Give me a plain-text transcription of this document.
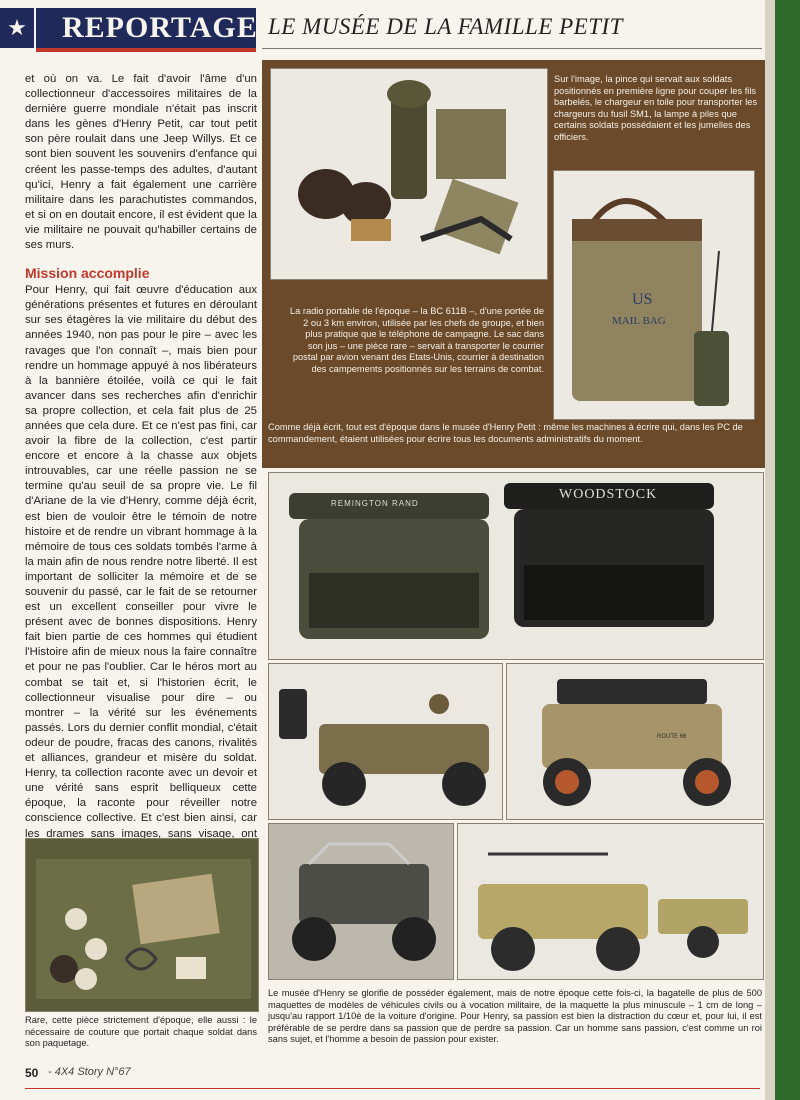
★ REPORTAGE LE MUSÉE DE LA FAMILLE PETIT

et où on va. Le fait d'avoir l'âme d'un collectionneur d'accessoires militaires de la dernière guerre mondiale n'était pas inscrit dans les gènes d'Henry Petit, car tout petit son père roulait dans une Jeep Willys. Et ce sont bien souvent les souvenirs d'enfance qui créent les passe-temps des adultes, d'autant qu'ici, Henry a fait également une carrière militaire dans les parachutistes commandos, et si on en doutait encore, il est évident que la vie militaire ne pouvait qu'habiller certains de ses murs.

Mission accomplie

Pour Henry, qui fait œuvre d'éducation aux générations présentes et futures en déroulant sur ses étagères la vie militaire du début des années 1940, non pas pour le pire – avec les ravages que l'on connaît –, mais bien pour rendre un hommage appuyé à nos libérateurs à la bannière étoilée, voilà ce qui le fait avancer dans ses recherches afin d'enrichir sa propre collection, et cela fait plus de 25 années que cela dure. Et ce n'est pas fini, car avoir la fibre de la collection, c'est partir encore et encore à la chasse aux objets introuvables, car une réelle passion ne se termine qu'au seuil de sa propre vie. Le fil d'Ariane de la vie d'Henry, comme déjà écrit, est bien de vouloir être le témoin de notre histoire et de rendre un vibrant hommage à la mémoire de tous ces soldats tombés l'arme à la main afin de nous rendre notre liberté. Il est important de solliciter la mémoire et de se souvenir du passé, car le fait de se retourner est un excellent conseiller pour vivre le présent avec de bonnes dispositions. Henry fait bien partie de ces hommes qui étudient l'Histoire afin de mieux nous la faire connaître et pour ne pas l'oublier. Car le héros mort au combat se tait et, si l'historien écrit, le collectionneur visualise pour dire – ou montrer – la vérité sur les événements passés. Lors du dernier conflit mondial, c'était odeur de poudre, fracas des canons, rivalités et alliances, grandeur et misère du soldat. Henry, ta collection raconte avec un devoir et une vérité sans esprit belliqueux cette époque, la raconte pour réveiller notre conscience collective. Et c'est bien ainsi, car les drames sans images, sans visage, ont

Rare, cette pièce strictement d'époque, elle aussi : le nécessaire de couture que portait chaque soldat dans son paquetage.
Sur l'image, la pince qui servait aux soldats positionnés en première ligne pour couper les fils barbelés, le chargeur en toile pour transporter les chargeurs du fusil SM1, la lampe à piles que certains soldats possédaient et les jumelles des officiers.
US
MAIL BAG
La radio portable de l'époque – la BC 611B –, d'une portée de 2 ou 3 km environ, utilisée par les chefs de groupe, et bien plus pratique que le téléphone de campagne. Le sac dans son jus – une pièce rare – servait à transporter le courrier postal par avion venant des Etats-Unis, courrier à destination des campements positionnés sur les terrains de combat.
Comme déjà écrit, tout est d'époque dans le musée d'Henry Petit : même les machines à écrire qui, dans les PC de commandement, étaient utilisées pour écrire tous les documents administratifs du moment.
REMINGTON RAND
WOODSTOCK
ROUTE 66
Le musée d'Henry se glorifie de posséder également, mais de notre époque cette fois-ci, la bagatelle de plus de 500 maquettes de modèles de véhicules civils ou à vocation militaire, de la maquette la plus minuscule – 1 cm de long – jusqu'au rapport 1/10è de la voiture d'origine. Pour Henry, sa passion est bien la distraction du cœur et, pour lui, il est préférable de se perdre dans sa passion que de perdre sa passion. Car un homme sans passion, c'est comme un roi sans sujet, et l'homme a besoin de passion pour exister.
50 - 4X4 Story N°67
